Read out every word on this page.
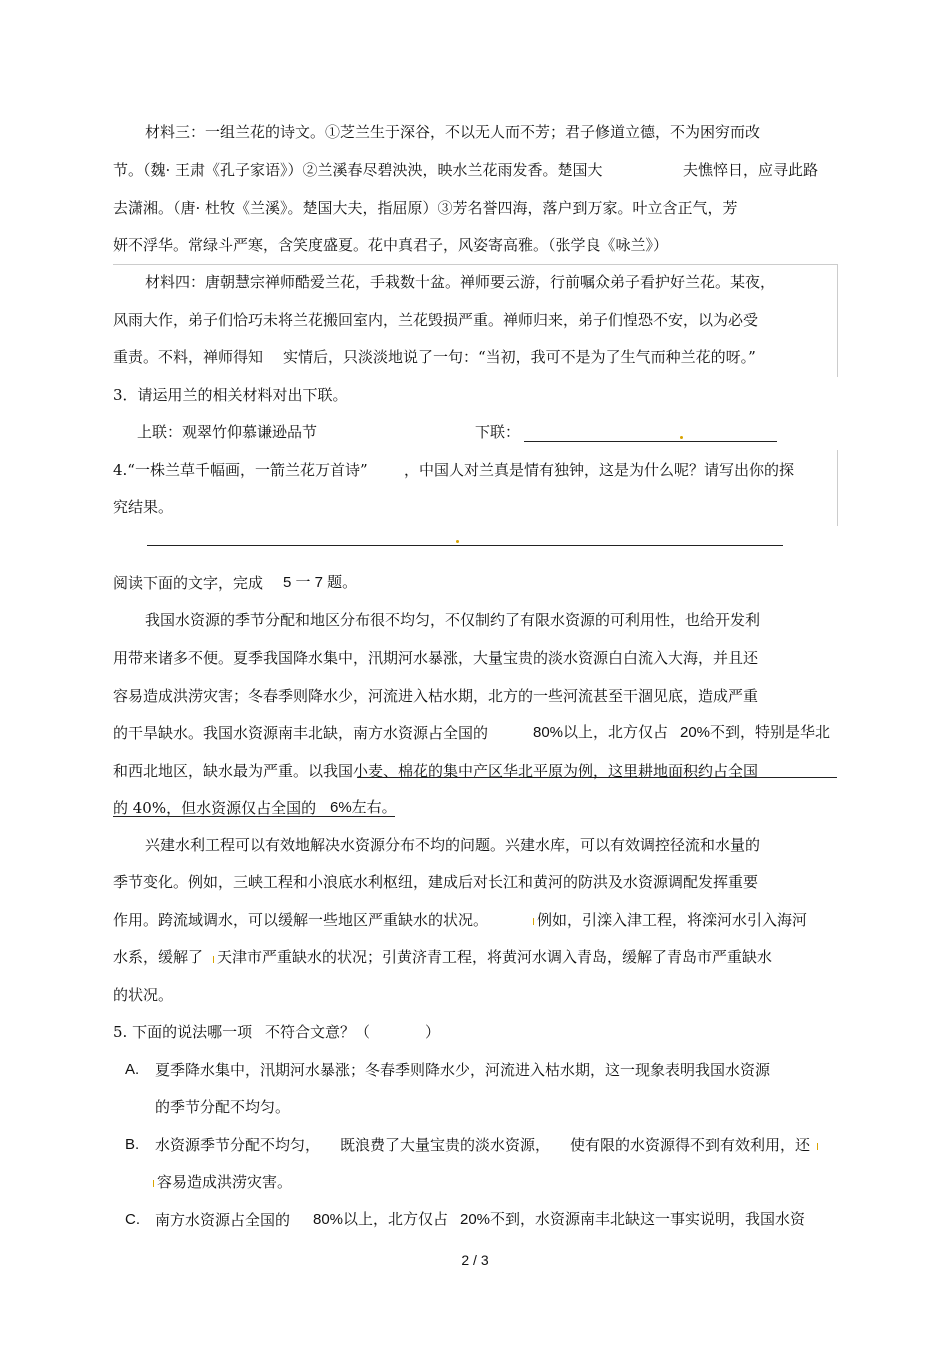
材料三：一组兰花的诗文。①芝兰生于深谷，不以无人而不芳；君子修道立德，不为困穷而改
节。（魏· 王肃《孔子家语》）②兰溪春尽碧泱泱，映水兰花雨发香。楚国大	夫憔悴日，应寻此路
去潇湘。（唐· 杜牧《兰溪》。楚国大夫，指屈原）③芳名誉四海，落户到万家。叶立含正气，芳
妍不浮华。常绿斗严寒，含笑度盛夏。花中真君子，风姿寄高雅。（张学良《咏兰》）
材料四：唐朝慧宗禅师酷爱兰花，手栽数十盆。禅师要云游，行前嘱众弟子看护好兰花。某夜，
风雨大作，弟子们恰巧未将兰花搬回室内，兰花毁损严重。禅师归来，弟子们惶恐不安，以为必受
重责。不料，禅师得知 实情后，只淡淡地说了一句：“当初，我可不是为了生气而种兰花的呀。”
3．请运用兰的相关材料对出下联。
上联：观翠竹仰慕谦逊品节	下联：
4.“一株兰草千幅画，一箭兰花万首诗” ，中国人对兰真是情有独钟，这是为什么呢？请写出你的探
究结果。
阅读下面的文字，完成 5 一 7 题。
我国水资源的季节分配和地区分布很不均匀，不仅制约了有限水资源的可利用性，也给开发利
用带来诸多不便。夏季我国降水集中，汛期河水暴涨，大量宝贵的淡水资源白白流入大海，并且还
容易造成洪涝灾害；冬春季则降水少，河流进入枯水期，北方的一些河流甚至干涸见底，造成严重
的干旱缺水。我国水资源南丰北缺，南方水资源占全国的	80%以上，北方仅占 20%不到，特别是华北
和西北地区，缺水最为严重。以我国小麦、棉花的集中产区华北平原为例，这里耕地面积约占全国
的 40%，但水资源仅占全国的 6%左右。
兴建水利工程可以有效地解决水资源分布不均的问题。兴建水库，可以有效调控径流和水量的
季节变化。例如，三峡工程和小浪底水利枢纽，建成后对长江和黄河的防洪及水资源调配发挥重要
作用。跨流域调水，可以缓解一些地区严重缺水的状况。	例如，引滦入津工程，将滦河水引入海河
水系，缓解了 天津市严重缺水的状况；引黄济青工程，将黄河水调入青岛，缓解了青岛市严重缺水
的状况。
5. 下面的说法哪一项 不符合文意？（	）
A. 夏季降水集中，汛期河水暴涨；冬春季则降水少，河流进入枯水期，这一现象表明我国水资源
的季节分配不均匀。
B. 水资源季节分配不均匀， 既浪费了大量宝贵的淡水资源， 使有限的水资源得不到有效利用，还
容易造成洪涝灾害。
C. 南方水资源占全国的 80%以上，北方仅占 20%不到，水资源南丰北缺这一事实说明，我国水资
2 / 3
